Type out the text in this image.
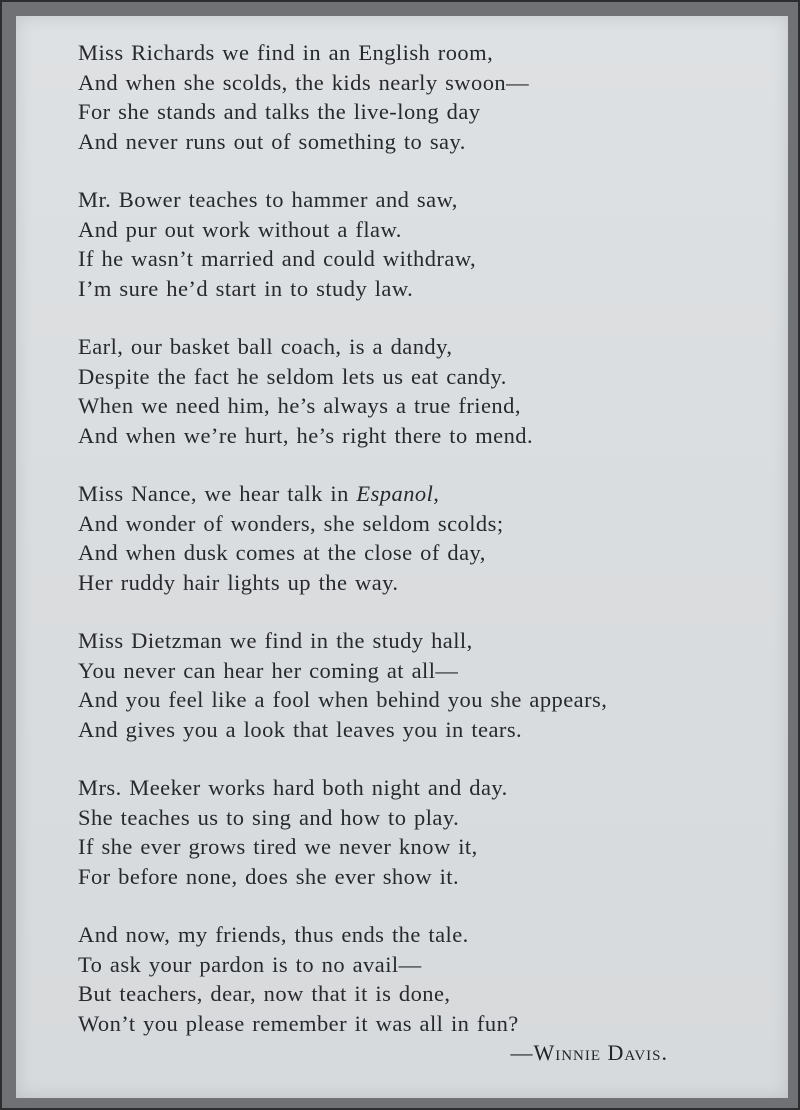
Miss Richards we find in an English room,
And when she scolds, the kids nearly swoon—
For she stands and talks the live-long day
And never runs out of something to say.
Mr. Bower teaches to hammer and saw,
And pur out work without a flaw.
If he wasn’t married and could withdraw,
I’m sure he’d start in to study law.
Earl, our basket ball coach, is a dandy,
Despite the fact he seldom lets us eat candy.
When we need him, he’s always a true friend,
And when we’re hurt, he’s right there to mend.
Miss Nance, we hear talk in Espanol,
And wonder of wonders, she seldom scolds;
And when dusk comes at the close of day,
Her ruddy hair lights up the way.
Miss Dietzman we find in the study hall,
You never can hear her coming at all—
And you feel like a fool when behind you she appears,
And gives you a look that leaves you in tears.
Mrs. Meeker works hard both night and day.
She teaches us to sing and how to play.
If she ever grows tired we never know it,
For before none, does she ever show it.
And now, my friends, thus ends the tale.
To ask your pardon is to no avail—
But teachers, dear, now that it is done,
Won’t you please remember it was all in fun?
—Winnie Davis.
